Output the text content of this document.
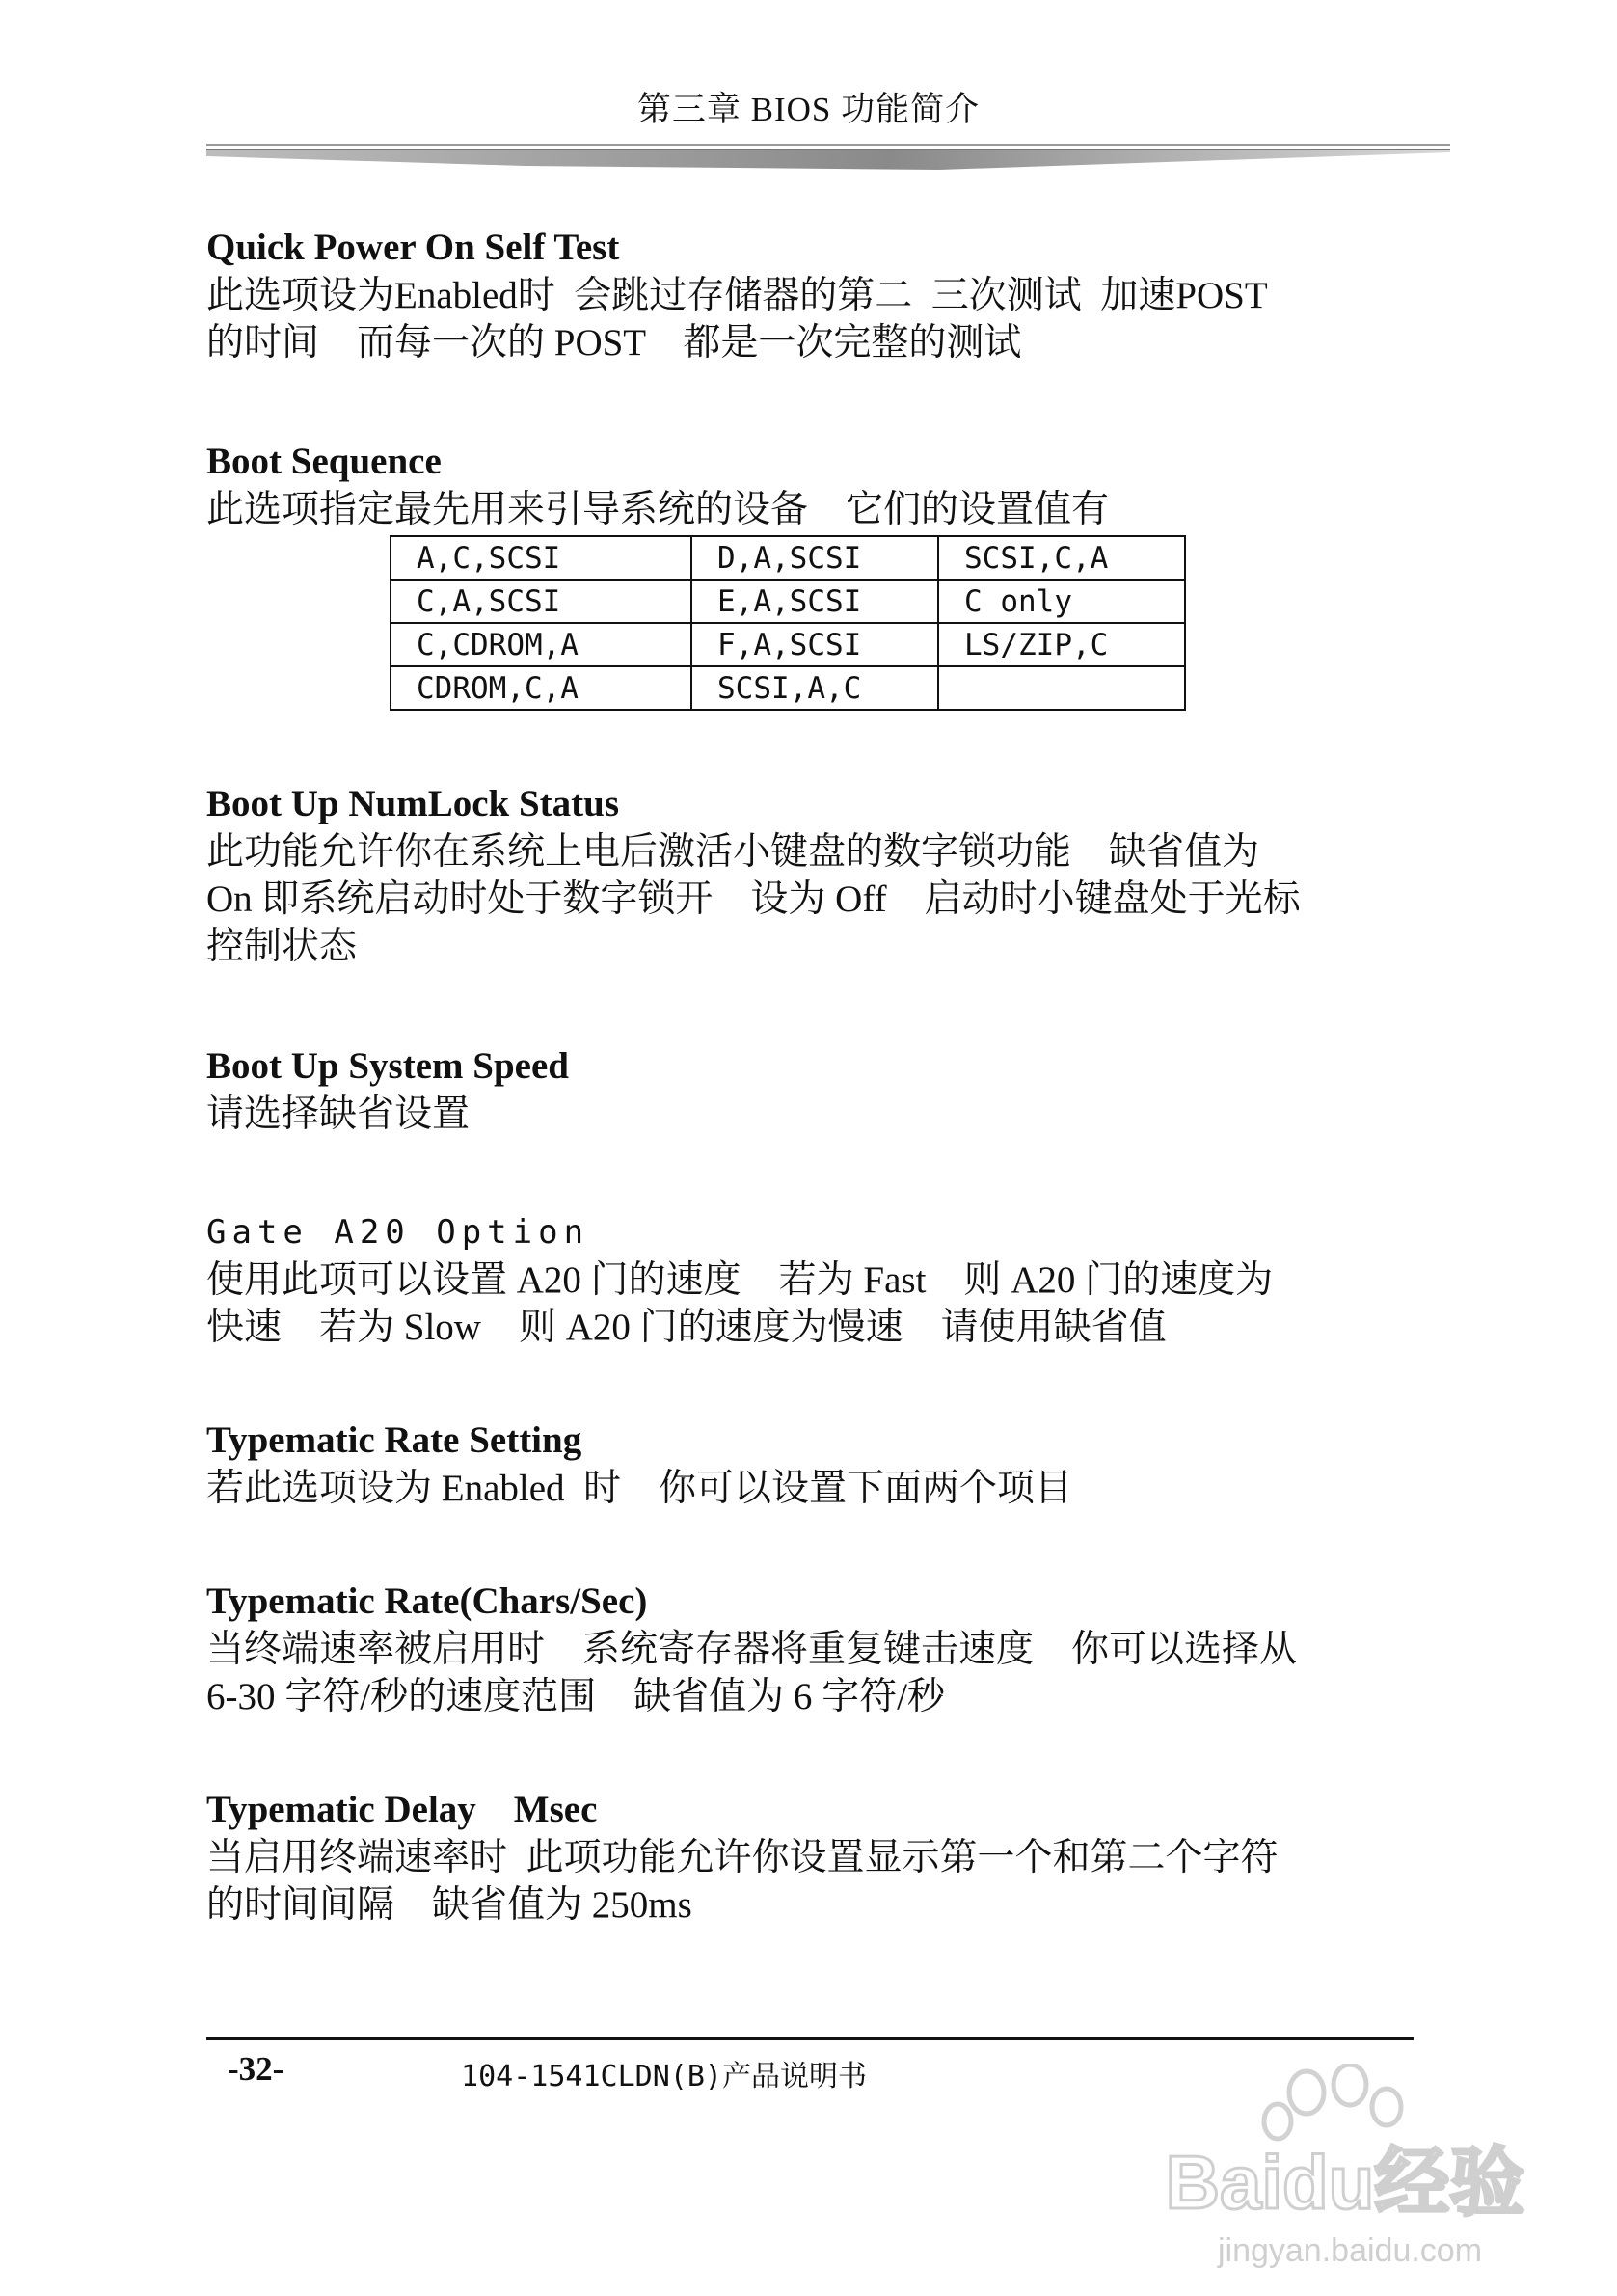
第三章 BIOS 功能简介

Quick Power On Self Test

此选项设为Enabled时  会跳过存储器的第二  三次测试  加速POST

的时间    而每一次的 POST    都是一次完整的测试

Boot Sequence

此选项指定最先用来引导系统的设备    它们的设置值有

A,C,SCSI	D,A,SCSI	SCSI,C,A
C,A,SCSI	E,A,SCSI	C only
C,CDROM,A	F,A,SCSI	LS/ZIP,C
CDROM,C,A	SCSI,A,C	

Boot Up NumLock Status

此功能允许你在系统上电后激活小键盘的数字锁功能    缺省值为

On 即系统启动时处于数字锁开    设为 Off    启动时小键盘处于光标

控制状态

Boot Up System Speed

请选择缺省设置

Gate A20 Option

使用此项可以设置 A20 门的速度    若为 Fast    则 A20 门的速度为

快速    若为 Slow    则 A20 门的速度为慢速    请使用缺省值

Typematic Rate Setting

若此选项设为 Enabled  时    你可以设置下面两个项目

Typematic Rate(Chars/Sec)

当终端速率被启用时    系统寄存器将重复键击速度    你可以选择从

6-30 字符/秒的速度范围    缺省值为 6 字符/秒

Typematic Delay    Msec

当启用终端速率时  此项功能允许你设置显示第一个和第二个字符

的时间间隔    缺省值为 250ms

-32-	104-1541CLDN(B)产品说明书
Baidu经验
jingyan.baidu.com
